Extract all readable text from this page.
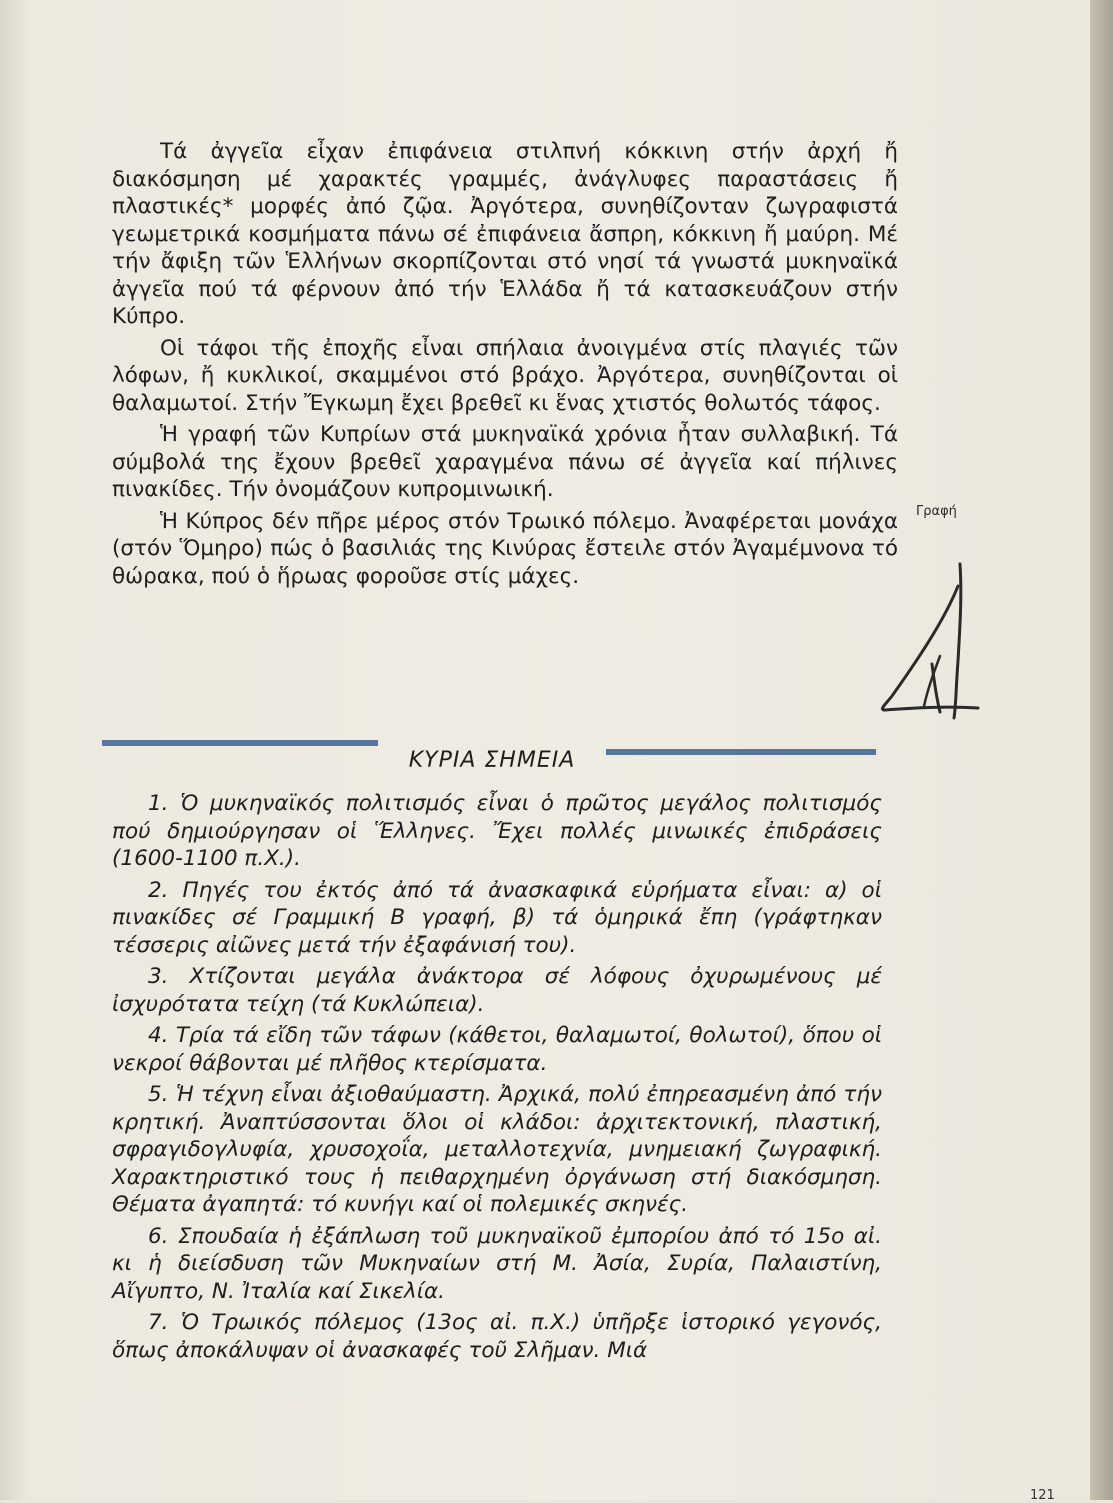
Τά ἀγγεῖα εἶχαν ἐπιφάνεια στιλπνή κόκκινη στήν ἀρχή ἤ διακόσμηση μέ χαρακτές γραμμές, ἀνάγλυφες παραστάσεις ἤ πλαστικές* μορφές ἀπό ζῷα. Ἀργότερα, συνηθίζονταν ζωγραφιστά γεωμετρικά κοσμήματα πάνω σέ ἐπιφάνεια ἄσπρη, κόκκινη ἤ μαύρη. Μέ τήν ἄφιξη τῶν Ἑλλήνων σκορπίζονται στό νησί τά γνωστά μυκηναϊκά ἀγγεῖα πού τά φέρνουν ἀπό τήν Ἑλλάδα ἤ τά κατασκευάζουν στήν Κύπρο.

Οἱ τάφοι τῆς ἐποχῆς εἶναι σπήλαια ἀνοιγμένα στίς πλαγιές τῶν λόφων, ἤ κυκλικοί, σκαμμένοι στό βράχο. Ἀργότερα, συνηθίζονται οἱ θαλαμωτοί. Στήν Ἔγκωμη ἔχει βρεθεῖ κι ἕνας χτιστός θολωτός τάφος.

Ἡ γραφή τῶν Κυπρίων στά μυκηναϊκά χρόνια ἦταν συλλαβική. Τά σύμβολά της ἔχουν βρεθεῖ χαραγμένα πάνω σέ ἀγγεῖα καί πήλινες πινακίδες. Τήν ὀνομάζουν κυπρομινωική.

Ἡ Κύπρος δέν πῆρε μέρος στόν Τρωικό πόλεμο. Ἀναφέρεται μονάχα (στόν Ὅμηρο) πώς ὁ βασιλιάς της Κινύρας ἔστειλε στόν Ἀγαμέμνονα τό θώρακα, πού ὁ ἥρωας φοροῦσε στίς μάχες.

Γραφή
ΚΥΡΙΑ ΣΗΜΕΙΑ

1. Ὁ μυκηναϊκός πολιτισμός εἶναι ὁ πρῶτος μεγάλος πολιτισμός πού δημιούργησαν οἱ Ἕλληνες. Ἔχει πολλές μινωικές ἐπιδράσεις (1600-1100 π.Χ.).

2. Πηγές του ἐκτός ἀπό τά ἀνασκαφικά εὑρήματα εἶναι: α) οἱ πινακίδες σέ Γραμμική Β γραφή, β) τά ὁμηρικά ἔπη (γράφτηκαν τέσσερις αἰῶνες μετά τήν ἐξαφάνισή του).

3. Χτίζονται μεγάλα ἀνάκτορα σέ λόφους ὀχυρωμένους μέ ἰσχυρότατα τείχη (τά Κυκλώπεια).

4. Τρία τά εἴδη τῶν τάφων (κάθετοι, θαλαμωτοί, θολωτοί), ὅπου οἱ νεκροί θάβονται μέ πλῆθος κτερίσματα.

5. Ἡ τέχνη εἶναι ἀξιοθαύμαστη. Ἀρχικά, πολύ ἐπηρεασμένη ἀπό τήν κρητική. Ἀναπτύσσονται ὅλοι οἱ κλάδοι: ἀρχιτεκτονική, πλαστική, σφραγιδογλυφία, χρυσοχοΐα, μεταλλοτεχνία, μνημειακή ζωγραφική. Χαρακτηριστικό τους ἡ πειθαρχημένη ὀργάνωση στή διακόσμηση. Θέματα ἀγαπητά: τό κυνήγι καί οἱ πολεμικές σκηνές.

6. Σπουδαία ἡ ἐξάπλωση τοῦ μυκηναϊκοῦ ἐμπορίου ἀπό τό 15ο αἰ. κι ἡ διείσδυση τῶν Μυκηναίων στή Μ. Ἀσία, Συρία, Παλαιστίνη, Αἴγυπτο, Ν. Ἰταλία καί Σικελία.

7. Ὁ Τρωικός πόλεμος (13ος αἰ. π.Χ.) ὑπῆρξε ἱστορικό γεγονός, ὅπως ἀποκάλυψαν οἱ ἀνασκαφές τοῦ Σλῆμαν. Μιά

121
